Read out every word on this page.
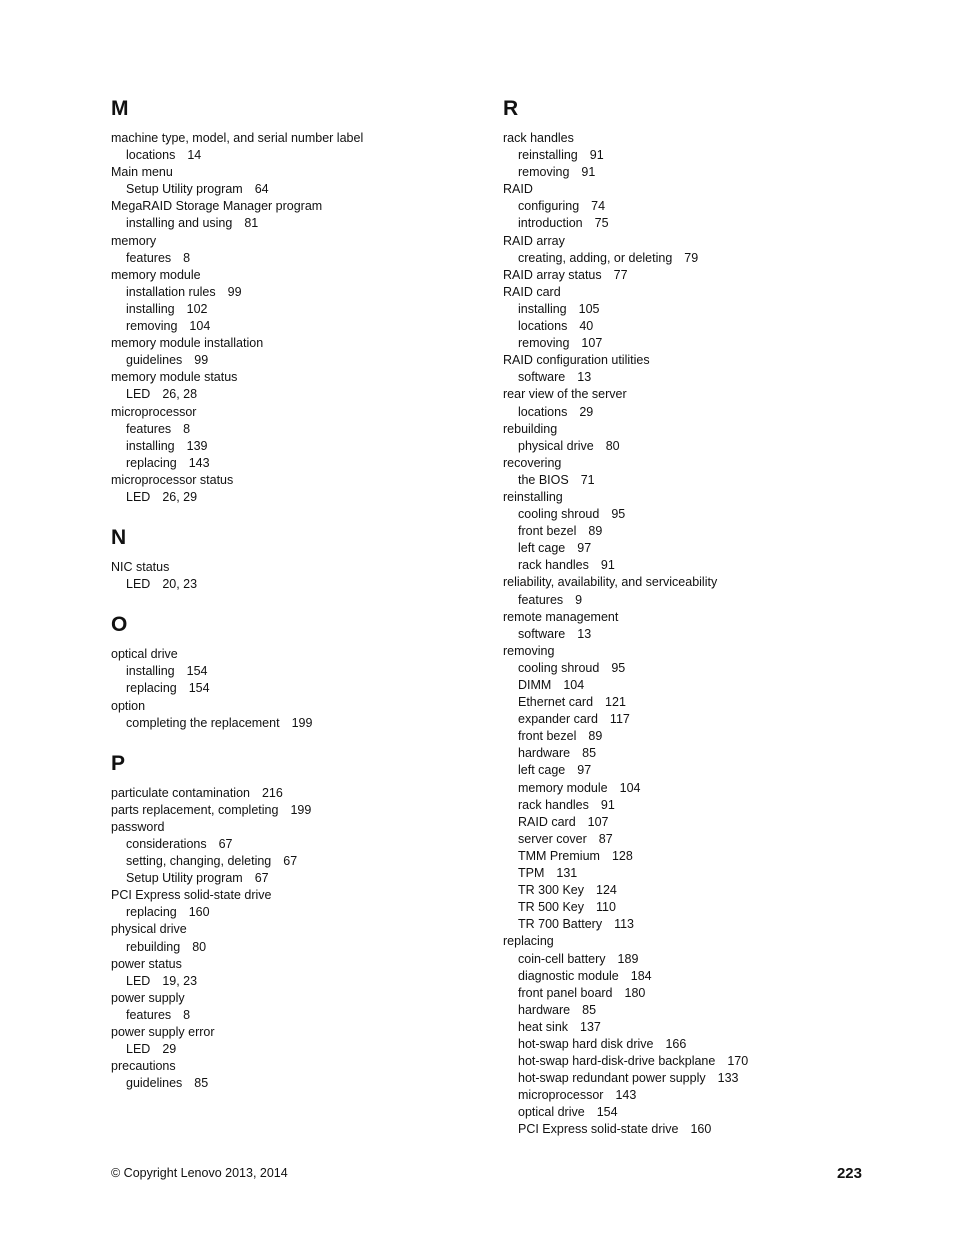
M
machine type, model, and serial number label
locations 14
Main menu
Setup Utility program 64
MegaRAID Storage Manager program
installing and using 81
memory
features 8
memory module
installation rules 99
installing 102
removing 104
memory module installation
guidelines 99
memory module status
LED 26, 28
microprocessor
features 8
installing 139
replacing 143
microprocessor status
LED 26, 29
N
NIC status
LED 20, 23
O
optical drive
installing 154
replacing 154
option
completing the replacement 199
P
particulate contamination 216
parts replacement, completing 199
password
considerations 67
setting, changing, deleting 67
Setup Utility program 67
PCI Express solid-state drive
replacing 160
physical drive
rebuilding 80
power status
LED 19, 23
power supply
features 8
power supply error
LED 29
precautions
guidelines 85
R
rack handles
reinstalling 91
removing 91
RAID
configuring 74
introduction 75
RAID array
creating, adding, or deleting 79
RAID array status 77
RAID card
installing 105
locations 40
removing 107
RAID configuration utilities
software 13
rear view of the server
locations 29
rebuilding
physical drive 80
recovering
the BIOS 71
reinstalling
cooling shroud 95
front bezel 89
left cage 97
rack handles 91
reliability, availability, and serviceability
features 9
remote management
software 13
removing
cooling shroud 95
DIMM 104
Ethernet card 121
expander card 117
front bezel 89
hardware 85
left cage 97
memory module 104
rack handles 91
RAID card 107
server cover 87
TMM Premium 128
TPM 131
TR 300 Key 124
TR 500 Key 110
TR 700 Battery 113
replacing
coin-cell battery 189
diagnostic module 184
front panel board 180
hardware 85
heat sink 137
hot-swap hard disk drive 166
hot-swap hard-disk-drive backplane 170
hot-swap redundant power supply 133
microprocessor 143
optical drive 154
PCI Express solid-state drive 160
© Copyright Lenovo 2013, 2014	223
